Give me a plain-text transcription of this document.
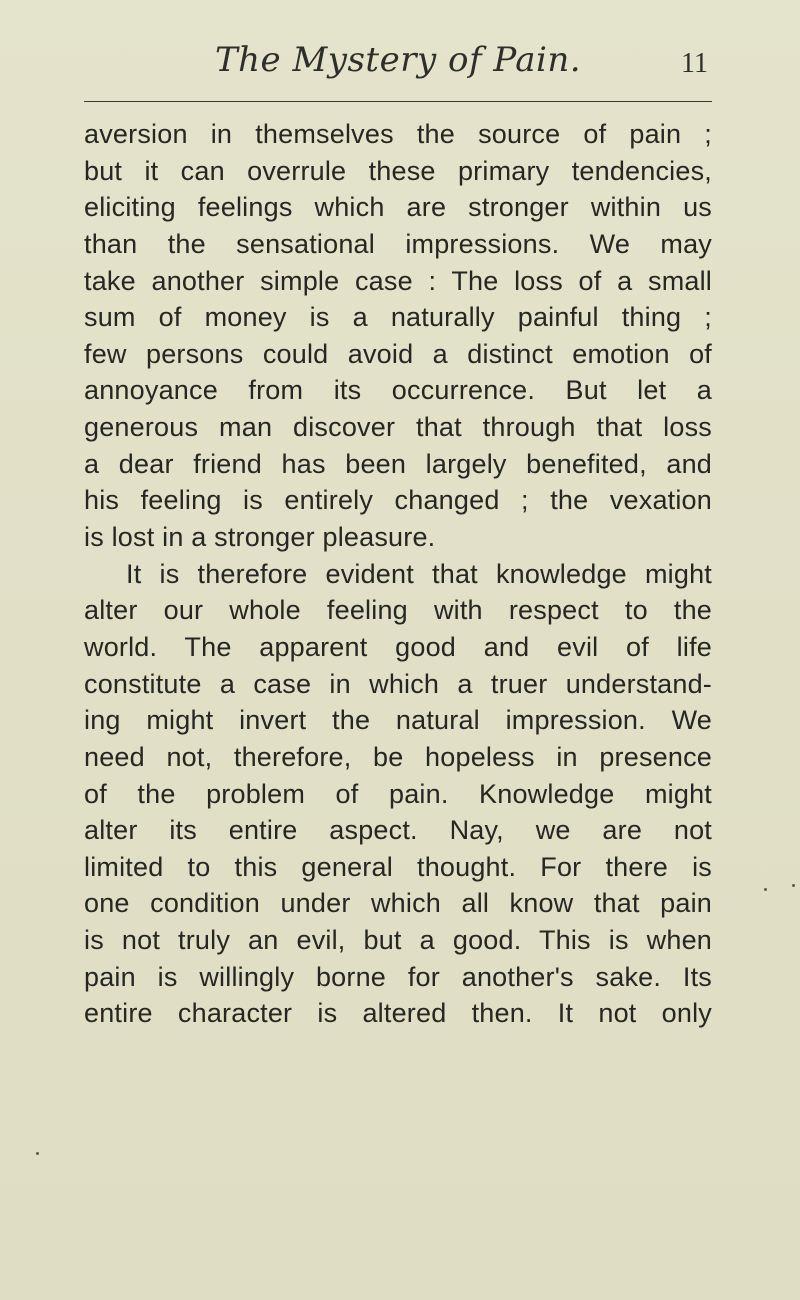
The Mystery of Pain.	11
aversion in themselves the source of pain ;
but it can overrule these primary tendencies,
eliciting feelings which are stronger within us
than the sensational impressions. We may
take another simple case : The loss of a small
sum of money is a naturally painful thing ;
few persons could avoid a distinct emotion of
annoyance from its occurrence. But let a
generous man discover that through that loss
a dear friend has been largely benefited, and
his feeling is entirely changed ; the vexation
is lost in a stronger pleasure.
It is therefore evident that knowledge might
alter our whole feeling with respect to the
world. The apparent good and evil of life
constitute a case in which a truer understand-
ing might invert the natural impression. We
need not, therefore, be hopeless in presence
of the problem of pain. Knowledge might
alter its entire aspect. Nay, we are not
limited to this general thought. For there is
one condition under which all know that pain
is not truly an evil, but a good. This is when
pain is willingly borne for another's sake. Its
entire character is altered then. It not only
